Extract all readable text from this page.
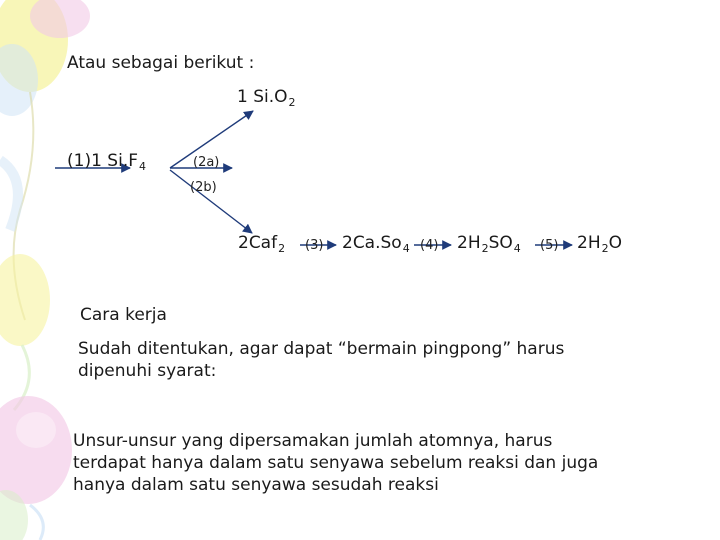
Atau sebagai berikut :
1 $Si.O_2$
(1)1 $Si.F_4$	(2a)
(2b)
2Caf$_2$ (3) $2Ca.So_4$ (4) $2H_2SO_4$ (5) $2H_2O$
Cara kerja
Sudah ditentukan, agar dapat “bermain pingpong” harus
dipenuhi syarat:
Unsur-unsur yang dipersamakan jumlah atomnya, harus
terdapat hanya dalam satu senyawa sebelum reaksi dan juga
hanya dalam satu senyawa sesudah reaksi
